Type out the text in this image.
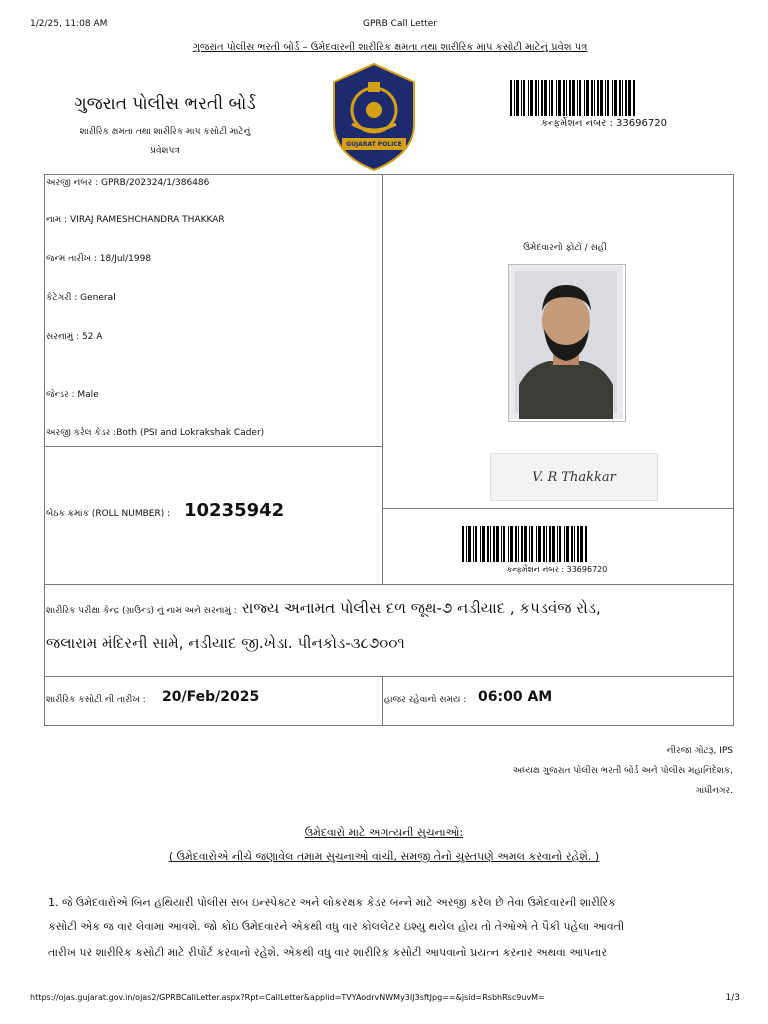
1/2/25, 11:08 AM	GPRB Call Letter
ગુજરાત પોલીસ ભરતી બોર્ડ – ઉમેદવારની શારીરિક ક્ષમતા તથા શારીરિક માપ કસોટી માટેનું પ્રવેશ પત્ર
ગુજરાત પોલીસ ભરતી બોર્ડ
શારીરિક ક્ષમતા તથા શારીરિક માપ કસોટી માટેનું
પ્રવેશપત્ર
GUJARAT POLICE
કન્ફર્મેશન નંબર : 33696720
અરજી નંબર : GPRB/202324/1/386486
નામ : VIRAJ RAMESHCHANDRA THAKKAR
જન્મ તારીખ : 18/Jul/1998
કેટેગરી : General
સરનામું : 52 A
જેન્ડર : Male
અરજી કરેલ કેડર :Both (PSI and Lokrakshak Cader)
ઉમેદવારનો ફોટો / સહી
V. R Thakkar
બેઠક ક્રમાંક (ROLL NUMBER) : 10235942
કન્ફર્મેશન નંબર : 33696720
શારીરિક પરીક્ષા કેન્દ્ર (ગ્રાઉન્ડ) નું નામ અને સરનામું : રાજ્ય અનામત પોલીસ દળ જૂથ-૭ નડીયાદ , કપડવંજ રોડ,
જલારામ મંદિરની સામે, નડીયાદ જી.ખેડા. પીનકોડ-૩૮૭૦૦૧
શારીરિક કસોટી ની તારીખ : 20/Feb/2025	હાજર રહેવાનો સમય : 06:00 AM
નીરજા ગોટરૂ, IPS
અધ્યક્ષ ગુજરાત પોલીસ ભરતી બોર્ડ અને પોલીસ મહાનિદેશક,
ગાંધીનગર.
ઉમેદવારો માટે અગત્યની સુચનાઓ:
( ઉમેદવારોએ નીચે જણાવેલ તમામ સુચનાઓ વાંચી, સમજી તેનો ચુસ્તપણે અમલ કરવાનો રહેશે. )
1. જે ઉમેદવારોએ બિન હથિયારી પોલીસ સબ ઇન્સ્પેક્ટર અને લોકરક્ષક કેડર બંન્ને માટે અરજી કરેલ છે તેવા ઉમેદવારની શારીરિક
કસોટી એક જ વાર લેવામાં આવશે. જો કોઇ ઉમેદવારને એકથી વધુ વાર કોલલેટર ઇશ્યુ થયેલ હોય તો તેઓએ તે પૈકી પહેલા આવતી
તારીખ પર શારીરિક કસોટી માટે રીપોર્ટ કરવાનો રહેશે. એકથી વધુ વાર શારીરિક કસોટી આપવાનો પ્રયત્ન કરનાર અથવા આપનાર
https://ojas.gujarat.gov.in/ojas2/GPRBCallLetter.aspx?Rpt=CallLetter&applid=TVYAodrvNWMy3IJ3sftJpg==&jsid=RsbhRsc9uvM=	1/3
